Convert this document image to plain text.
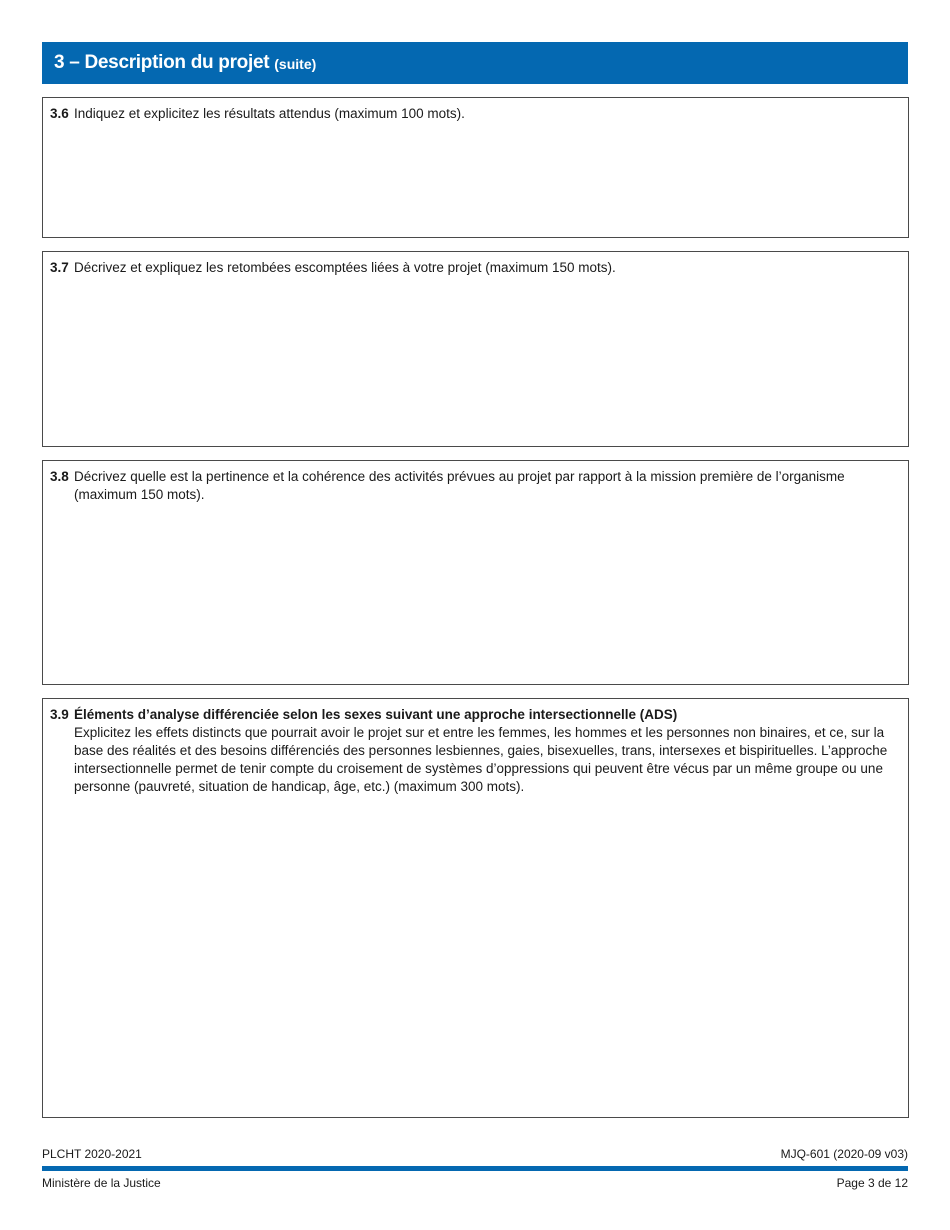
3 – Description du projet (suite)
3.6 Indiquez et explicitez les résultats attendus (maximum 100 mots).
3.7 Décrivez et expliquez les retombées escomptées liées à votre projet (maximum 150 mots).
3.8 Décrivez quelle est la pertinence et la cohérence des activités prévues au projet par rapport à la mission première de l’organisme (maximum 150 mots).
3.9 Éléments d’analyse différenciée selon les sexes suivant une approche intersectionnelle (ADS)
Explicitez les effets distincts que pourrait avoir le projet sur et entre les femmes, les hommes et les personnes non binaires, et ce, sur la base des réalités et des besoins différenciés des personnes lesbiennes, gaies, bisexuelles, trans, intersexes et bispirituelles. L’approche intersectionnelle permet de tenir compte du croisement de systèmes d’oppressions qui peuvent être vécus par un même groupe ou une personne (pauvreté, situation de handicap, âge, etc.) (maximum 300 mots).
PLCHT 2020-2021	MJQ-601 (2020-09 v03)
Ministère de la Justice	Page 3 de 12
